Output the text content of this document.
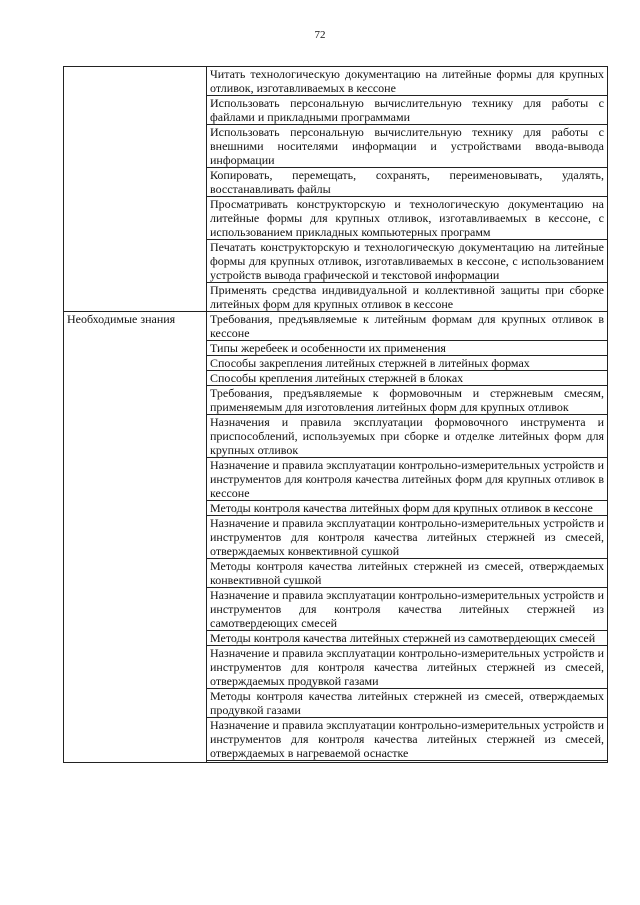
72
	Читать технологическую документацию на литейные формы для крупных отливок, изготавливаемых в кессоне
	Использовать персональную вычислительную технику для работы с файлами и прикладными программами
	Использовать персональную вычислительную технику для работы с внешними носителями информации и устройствами ввода-вывода информации
	Копировать, перемещать, сохранять, переименовывать, удалять, восстанавливать файлы
	Просматривать конструкторскую и технологическую документацию на литейные формы для крупных отливок, изготавливаемых в кессоне, с использованием прикладных компьютерных программ
	Печатать конструкторскую и технологическую документацию на литейные формы для крупных отливок, изготавливаемых в кессоне, с использованием устройств вывода графической и текстовой информации
	Применять средства индивидуальной и коллективной защиты при сборке литейных форм для крупных отливок в кессоне
Необходимые знания	Требования, предъявляемые к литейным формам для крупных отливок в кессоне
	Типы жеребеек и особенности их применения
	Способы закрепления литейных стержней в литейных формах
	Способы крепления литейных стержней в блоках
	Требования, предъявляемые к формовочным и стержневым смесям, применяемым для изготовления литейных форм для крупных отливок
	Назначения и правила эксплуатации формовочного инструмента и приспособлений, используемых при сборке и отделке литейных форм для крупных отливок
	Назначение и правила эксплуатации контрольно-измерительных устройств и инструментов для контроля качества литейных форм для крупных отливок в кессоне
	Методы контроля качества литейных форм для крупных отливок в кессоне
	Назначение и правила эксплуатации контрольно-измерительных устройств и инструментов для контроля качества литейных стержней из смесей, отверждаемых конвективной сушкой
	Методы контроля качества литейных стержней из смесей, отверждаемых конвективной сушкой
	Назначение и правила эксплуатации контрольно-измерительных устройств и инструментов для контроля качества литейных стержней из самотвердеющих смесей
	Методы контроля качества литейных стержней из самотвердеющих смесей
	Назначение и правила эксплуатации контрольно-измерительных устройств и инструментов для контроля качества литейных стержней из смесей, отверждаемых продувкой газами
	Методы контроля качества литейных стержней из смесей, отверждаемых продувкой газами
	Назначение и правила эксплуатации контрольно-измерительных устройств и инструментов для контроля качества литейных стержней из смесей, отверждаемых в нагреваемой оснастке
